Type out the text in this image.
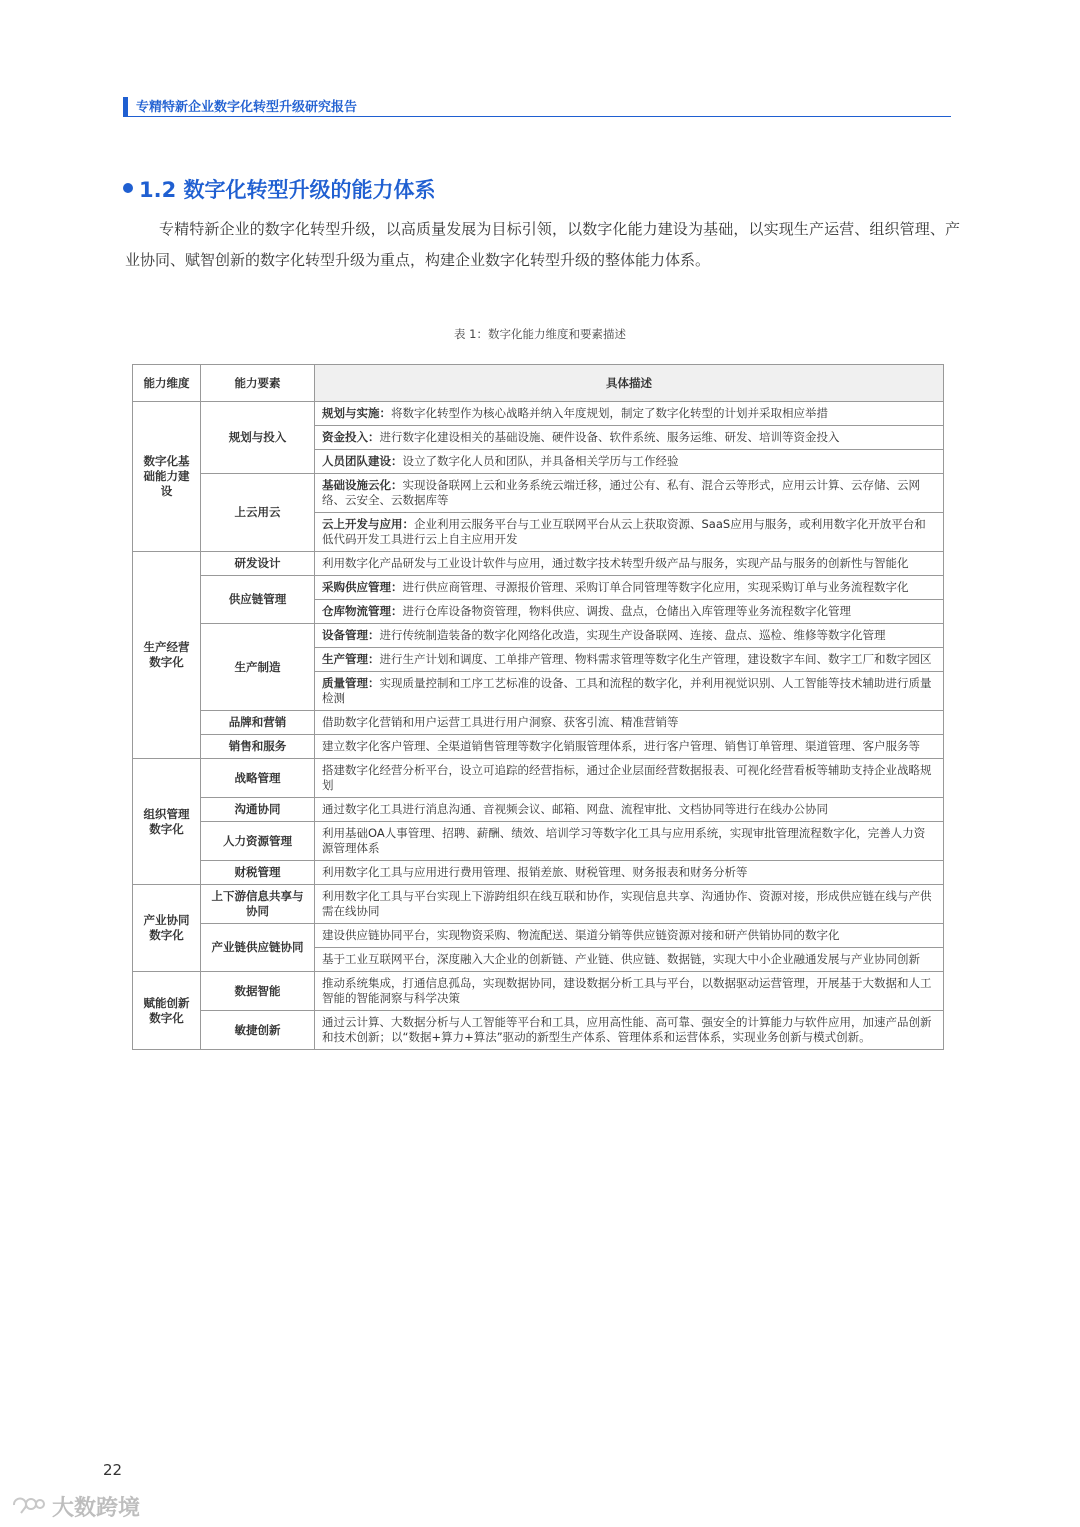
专精特新企业数字化转型升级研究报告
1.2 数字化转型升级的能力体系
专精特新企业的数字化转型升级，以高质量发展为目标引领，以数字化能力建设为基础，以实现生产运营、组织管理、产业协同、赋智创新的数字化转型升级为重点，构建企业数字化转型升级的整体能力体系。
表 1：数字化能力维度和要素描述
能力维度	能力要素	具体描述
数字化基础能力建设	规划与投入	规划与实施：将数字化转型作为核心战略并纳入年度规划，制定了数字化转型的计划并采取相应举措
		资金投入：进行数字化建设相关的基础设施、硬件设备、软件系统、服务运维、研发、培训等资金投入
		人员团队建设：设立了数字化人员和团队，并具备相关学历与工作经验
	上云用云	基础设施云化：实现设备联网上云和业务系统云端迁移，通过公有、私有、混合云等形式，应用云计算、云存储、云网络、云安全、云数据库等
		云上开发与应用：企业利用云服务平台与工业互联网平台从云上获取资源、SaaS应用与服务，或利用数字化开放平台和低代码开发工具进行云上自主应用开发
生产经营数字化	研发设计	利用数字化产品研发与工业设计软件与应用，通过数字技术转型升级产品与服务，实现产品与服务的创新性与智能化
	供应链管理	采购供应管理：进行供应商管理、寻源报价管理、采购订单合同管理等数字化应用，实现采购订单与业务流程数字化
		仓库物流管理：进行仓库设备物资管理，物料供应、调拨、盘点，仓储出入库管理等业务流程数字化管理
	生产制造	设备管理：进行传统制造装备的数字化网络化改造，实现生产设备联网、连接、盘点、巡检、维修等数字化管理
		生产管理：进行生产计划和调度、工单排产管理、物料需求管理等数字化生产管理，建设数字车间、数字工厂和数字园区
		质量管理：实现质量控制和工序工艺标准的设备、工具和流程的数字化，并利用视觉识别、人工智能等技术辅助进行质量检测
	品牌和营销	借助数字化营销和用户运营工具进行用户洞察、获客引流、精准营销等
	销售和服务	建立数字化客户管理、全渠道销售管理等数字化销服管理体系，进行客户管理、销售订单管理、渠道管理、客户服务等
组织管理数字化	战略管理	搭建数字化经营分析平台，设立可追踪的经营指标，通过企业层面经营数据报表、可视化经营看板等辅助支持企业战略规划
	沟通协同	通过数字化工具进行消息沟通、音视频会议、邮箱、网盘、流程审批、文档协同等进行在线办公协同
	人力资源管理	利用基础OA人事管理、招聘、薪酬、绩效、培训学习等数字化工具与应用系统，实现审批管理流程数字化，完善人力资源管理体系
	财税管理	利用数字化工具与应用进行费用管理、报销差旅、财税管理、财务报表和财务分析等
产业协同数字化	上下游信息共享与协同	利用数字化工具与平台实现上下游跨组织在线互联和协作，实现信息共享、沟通协作、资源对接，形成供应链在线与产供需在线协同
	产业链供应链协同	建设供应链协同平台，实现物资采购、物流配送、渠道分销等供应链资源对接和研产供销协同的数字化
		基于工业互联网平台，深度融入大企业的创新链、产业链、供应链、数据链，实现大中小企业融通发展与产业协同创新
赋能创新数字化	数据智能	推动系统集成，打通信息孤岛，实现数据协同，建设数据分析工具与平台，以数据驱动运营管理，开展基于大数据和人工智能的智能洞察与科学决策
	敏捷创新	通过云计算、大数据分析与人工智能等平台和工具，应用高性能、高可靠、强安全的计算能力与软件应用，加速产品创新和技术创新；以“数据+算力+算法”驱动的新型生产体系、管理体系和运营体系，实现业务创新与模式创新。
22
大数跨境
